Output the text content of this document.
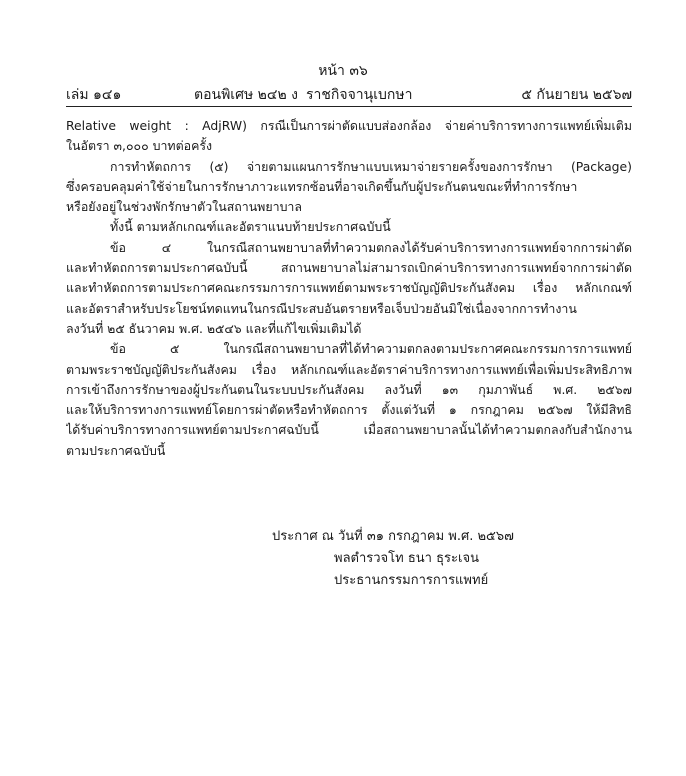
หน้า ๓๖
เล่ม ๑๔๑	ตอนพิเศษ ๒๔๒ ง ราชกิจจานุเบกษา	๕ กันยายน ๒๕๖๗
Relative weight : AdjRW) กรณีเป็นการผ่าตัดแบบส่องกล้อง จ่ายค่าบริการทางการแพทย์เพิ่มเติม
ในอัตรา ๓,๐๐๐ บาทต่อครั้ง
การทำหัตถการ (๕) จ่ายตามแผนการรักษาแบบเหมาจ่ายรายครั้งของการรักษา (Package)
ซึ่งครอบคลุมค่าใช้จ่ายในการรักษาภาวะแทรกซ้อนที่อาจเกิดขึ้นกับผู้ประกันตนขณะที่ทำการรักษา
หรือยังอยู่ในช่วงพักรักษาตัวในสถานพยาบาล
ทั้งนี้ ตามหลักเกณฑ์และอัตราแนบท้ายประกาศฉบับนี้
ข้อ ๔ ในกรณีสถานพยาบาลที่ทำความตกลงได้รับค่าบริการทางการแพทย์จากการผ่าตัด
และทำหัตถการตามประกาศฉบับนี้ สถานพยาบาลไม่สามารถเบิกค่าบริการทางการแพทย์จากการผ่าตัด
และทำหัตถการตามประกาศคณะกรรมการการแพทย์ตามพระราชบัญญัติประกันสังคม เรื่อง หลักเกณฑ์
และอัตราสำหรับประโยชน์ทดแทนในกรณีประสบอันตรายหรือเจ็บป่วยอันมิใช่เนื่องจากการทำงาน
ลงวันที่ ๒๕ ธันวาคม พ.ศ. ๒๕๔๖ และที่แก้ไขเพิ่มเติมได้
ข้อ ๕ ในกรณีสถานพยาบาลที่ได้ทำความตกลงตามประกาศคณะกรรมการการแพทย์
ตามพระราชบัญญัติประกันสังคม เรื่อง หลักเกณฑ์และอัตราค่าบริการทางการแพทย์เพื่อเพิ่มประสิทธิภาพ
การเข้าถึงการรักษาของผู้ประกันตนในระบบประกันสังคม ลงวันที่ ๑๓ กุมภาพันธ์ พ.ศ. ๒๕๖๗
และให้บริการทางการแพทย์โดยการผ่าตัดหรือทำหัตถการ ตั้งแต่วันที่ ๑ กรกฎาคม ๒๕๖๗ ให้มีสิทธิ
ได้รับค่าบริการทางการแพทย์ตามประกาศฉบับนี้ เมื่อสถานพยาบาลนั้นได้ทำความตกลงกับสำนักงาน
ตามประกาศฉบับนี้
ประกาศ ณ วันที่ ๓๑ กรกฎาคม พ.ศ. ๒๕๖๗
พลตำรวจโท ธนา ธุระเจน
ประธานกรรมการการแพทย์
